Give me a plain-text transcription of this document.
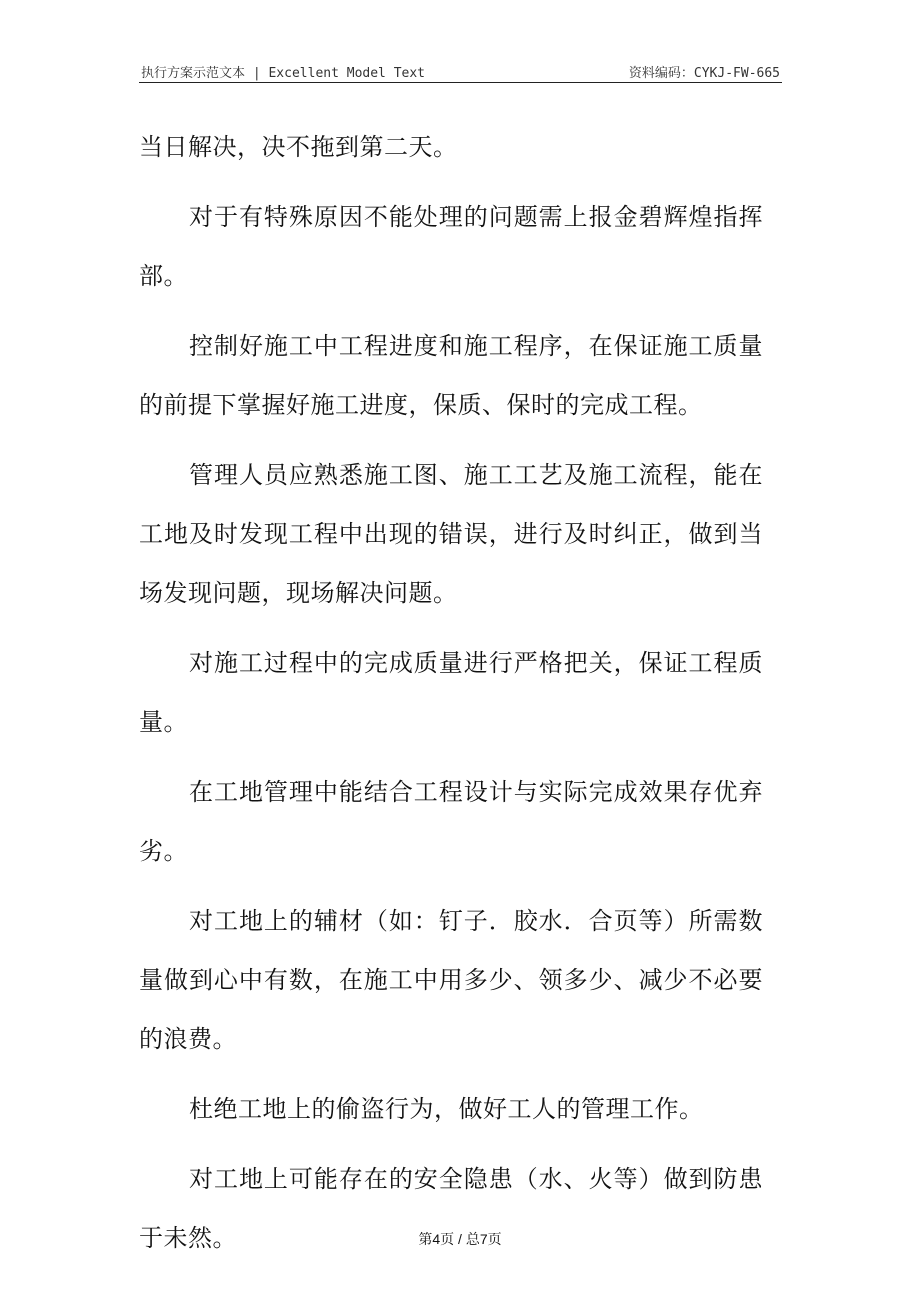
执行方案示范文本 | Excellent Model Text	资料编码：CYKJ-FW-665

当日解决，决不拖到第二天。

对于有特殊原因不能处理的问题需上报金碧辉煌指挥部。

控制好施工中工程进度和施工程序，在保证施工质量的前提下掌握好施工进度，保质、保时的完成工程。

管理人员应熟悉施工图、施工工艺及施工流程，能在工地及时发现工程中出现的错误，进行及时纠正，做到当场发现问题，现场解决问题。

对施工过程中的完成质量进行严格把关，保证工程质量。

在工地管理中能结合工程设计与实际完成效果存优弃劣。

对工地上的辅材（如：钉子．胶水．合页等）所需数量做到心中有数，在施工中用多少、领多少、减少不必要的浪费。

杜绝工地上的偷盗行为，做好工人的管理工作。

对工地上可能存在的安全隐患（水、火等）做到防患于未然。	第4页 / 总7页
